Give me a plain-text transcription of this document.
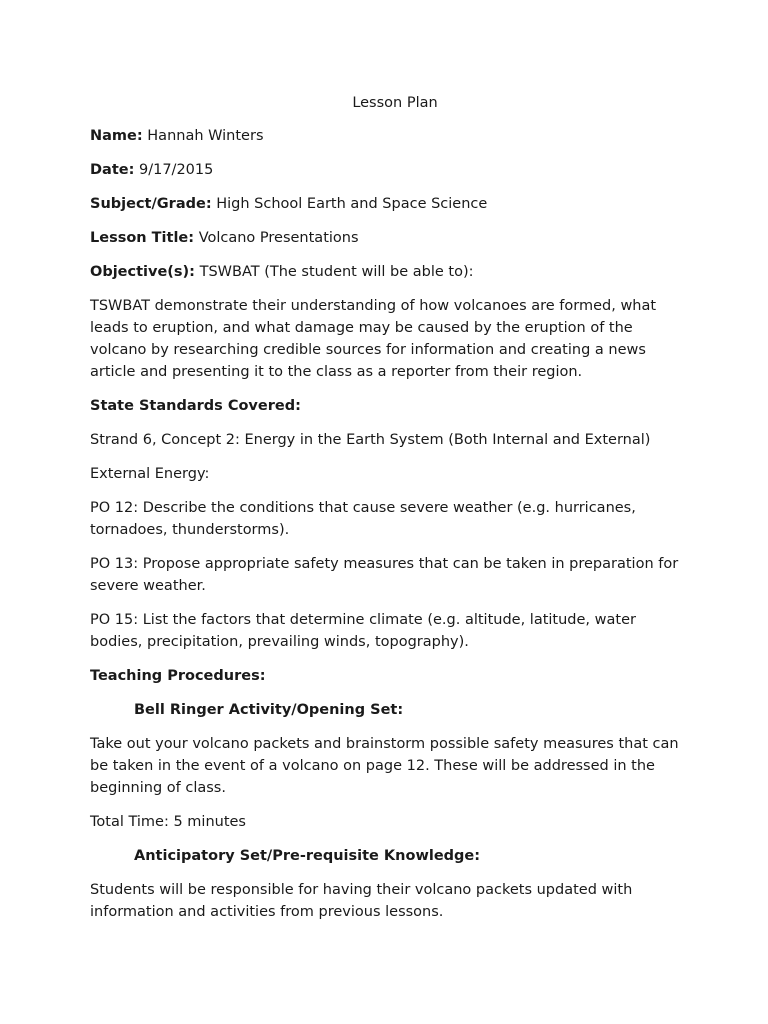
Lesson Plan
Name: Hannah Winters
Date: 9/17/2015
Subject/Grade: High School Earth and Space Science
Lesson Title: Volcano Presentations
Objective(s): TSWBAT (The student will be able to):
TSWBAT demonstrate their understanding of how volcanoes are formed, what leads to eruption, and what damage may be caused by the eruption of the volcano by researching credible sources for information and creating a news article and presenting it to the class as a reporter from their region.
State Standards Covered:
Strand 6, Concept 2: Energy in the Earth System (Both Internal and External)
External Energy:
PO 12: Describe the conditions that cause severe weather (e.g. hurricanes, tornadoes, thunderstorms).
PO 13: Propose appropriate safety measures that can be taken in preparation for severe weather.
PO 15: List the factors that determine climate (e.g. altitude, latitude, water bodies, precipitation, prevailing winds, topography).
Teaching Procedures:
Bell Ringer Activity/Opening Set:
Take out your volcano packets and brainstorm possible safety measures that can be taken in the event of a volcano on page 12. These will be addressed in the beginning of class.
Total Time: 5 minutes
Anticipatory Set/Pre-requisite Knowledge:
Students will be responsible for having their volcano packets updated with information and activities from previous lessons.
